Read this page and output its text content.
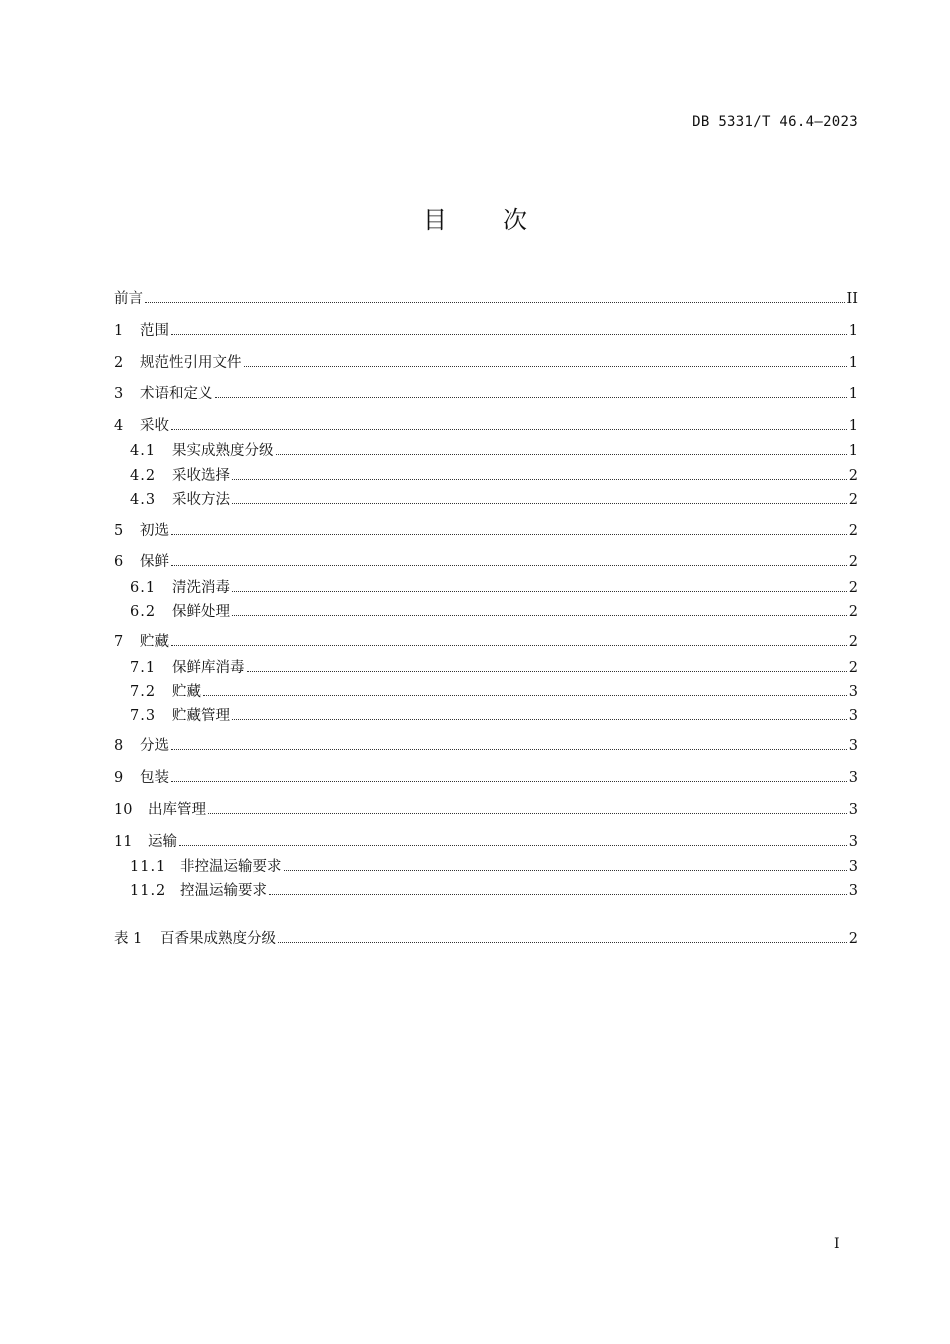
DB 5331/T 46.4—2023
目次
前言	II
1	范围	1
2	规范性引用文件	1
3	术语和定义	1
4	采收	1
4.1	果实成熟度分级	1
4.2	采收选择	2
4.3	采收方法	2
5	初选	2
6	保鲜	2
6.1	清洗消毒	2
6.2	保鲜处理	2
7	贮藏	2
7.1	保鲜库消毒	2
7.2	贮藏	3
7.3	贮藏管理	3
8	分选	3
9	包装	3
10	出库管理	3
11	运输	3
11.1 非控温运输要求	3
11.2 控温运输要求	3
表 1	百香果成熟度分级	2
I
